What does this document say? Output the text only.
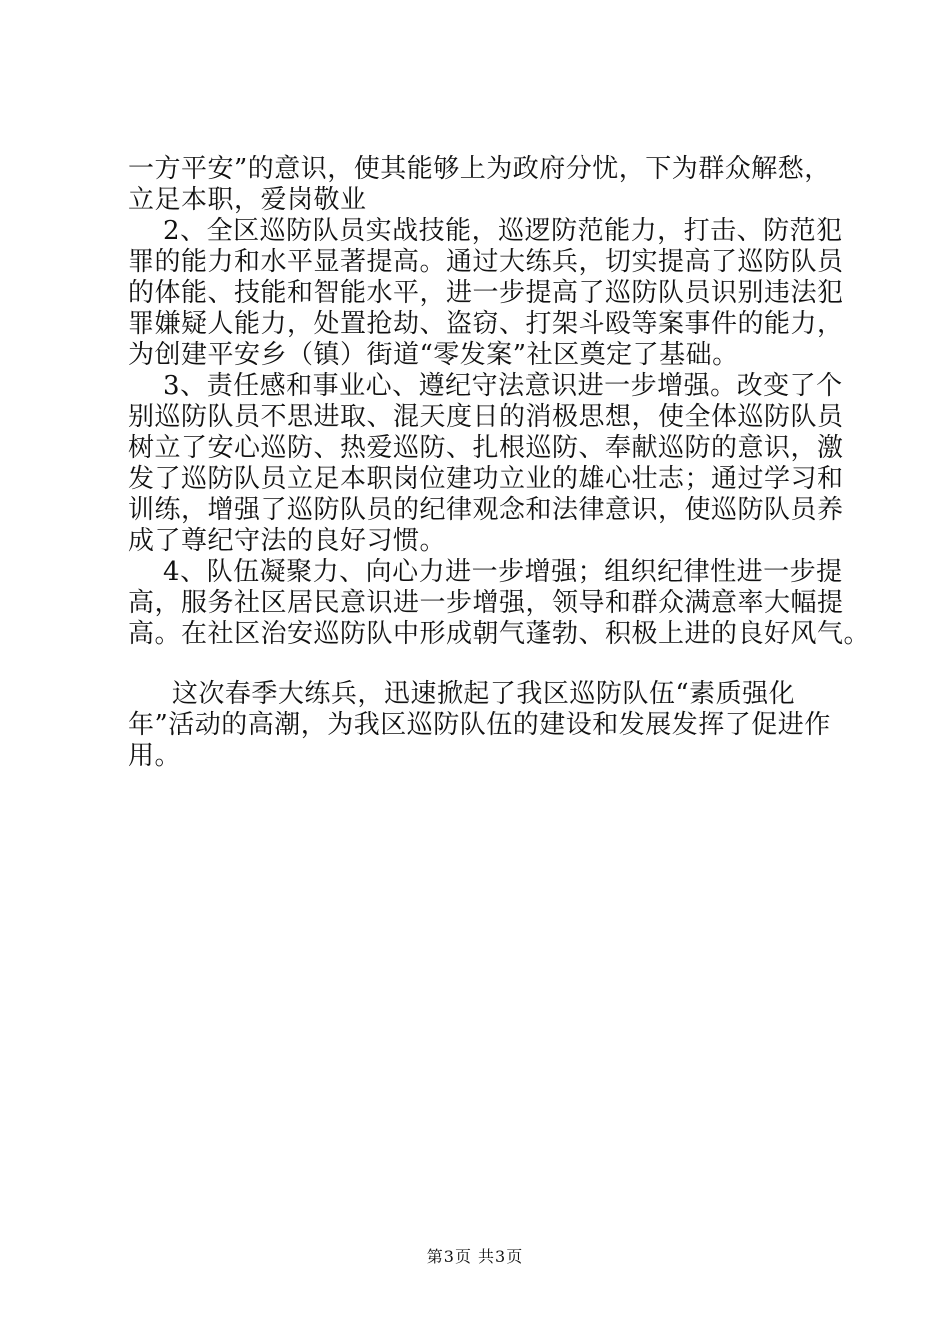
一方平安”的意识，使其能够上为政府分忧，下为群众解愁，
立足本职，爱岗敬业
2、全区巡防队员实战技能，巡逻防范能力，打击、防范犯
罪的能力和水平显著提高。通过大练兵，切实提高了巡防队员
的体能、技能和智能水平，进一步提高了巡防队员识别违法犯
罪嫌疑人能力，处置抢劫、盗窃、打架斗殴等案事件的能力，
为创建平安乡（镇）街道“零发案”社区奠定了基础。
3、责任感和事业心、遵纪守法意识进一步增强。改变了个
别巡防队员不思进取、混天度日的消极思想，使全体巡防队员
树立了安心巡防、热爱巡防、扎根巡防、奉献巡防的意识，激
发了巡防队员立足本职岗位建功立业的雄心壮志；通过学习和
训练，增强了巡防队员的纪律观念和法律意识，使巡防队员养
成了尊纪守法的良好习惯。
4、队伍凝聚力、向心力进一步增强；组织纪律性进一步提
高，服务社区居民意识进一步增强，领导和群众满意率大幅提
高。在社区治安巡防队中形成朝气蓬勃、积极上进的良好风气。
这次春季大练兵，迅速掀起了我区巡防队伍“素质强化
年”活动的高潮，为我区巡防队伍的建设和发展发挥了促进作
用。
第3页 共3页
